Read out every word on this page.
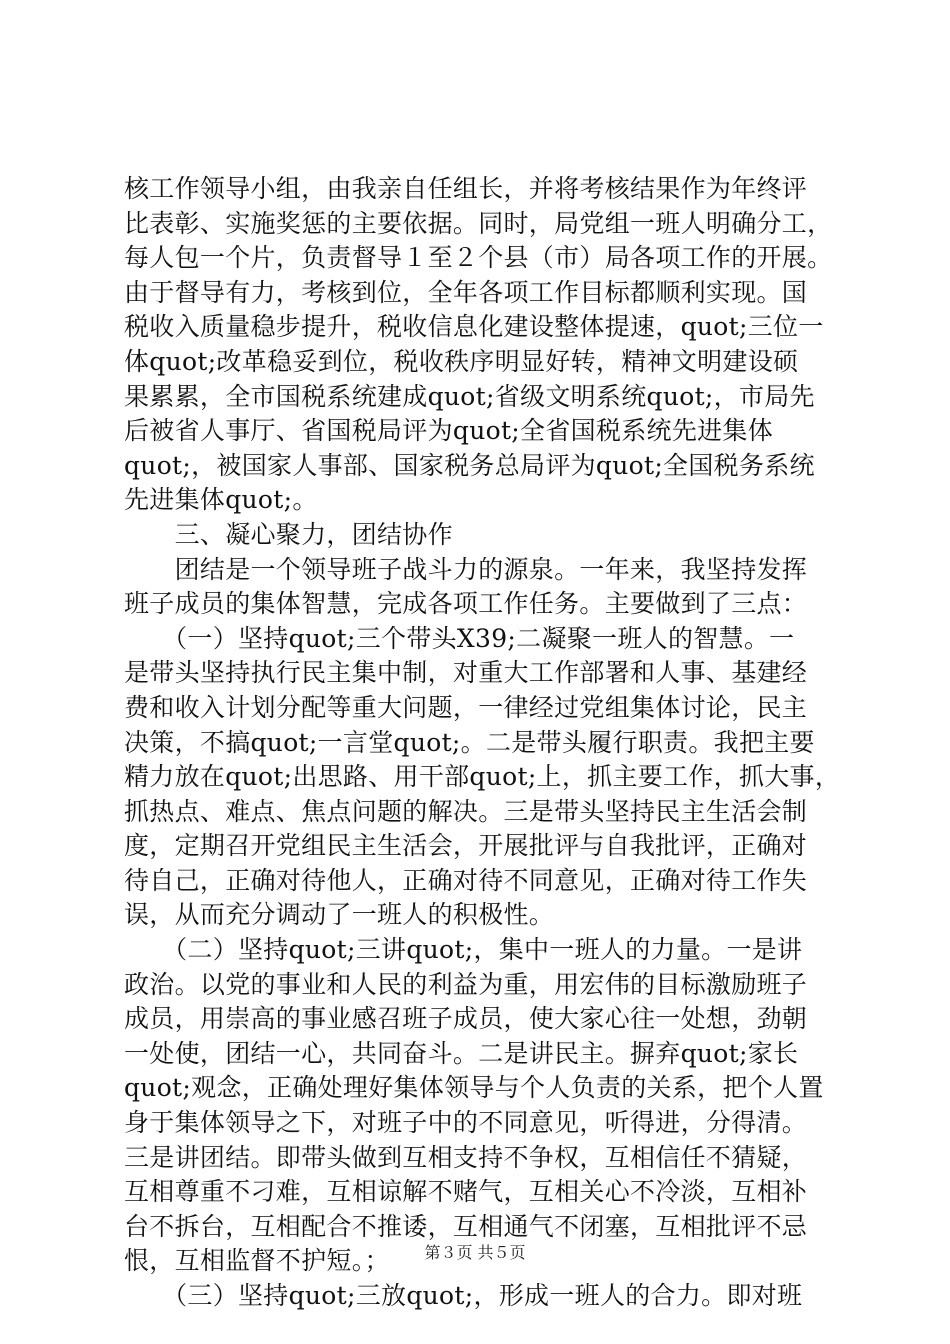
核工作领导小组，由我亲自任组长，并将考核结果作为年终评
比表彰、实施奖惩的主要依据。同时，局党组一班人明确分工，
每人包一个片，负责督导１至２个县（市）局各项工作的开展。
由于督导有力，考核到位，全年各项工作目标都顺利实现。国
税收入质量稳步提升，税收信息化建设整体提速，quot;三位一
体quot;改革稳妥到位，税收秩序明显好转，精神文明建设硕
果累累，全市国税系统建成quot;省级文明系统quot;，市局先
后被省人事厅、省国税局评为quot;全省国税系统先进集体
quot;，被国家人事部、国家税务总局评为quot;全国税务系统
先进集体quot;。
　　三、凝心聚力，团结协作
　　团结是一个领导班子战斗力的源泉。一年来，我坚持发挥
班子成员的集体智慧，完成各项工作任务。主要做到了三点：
　　（一）坚持quot;三个带头X39;二凝聚一班人的智慧。一
是带头坚持执行民主集中制，对重大工作部署和人事、基建经
费和收入计划分配等重大问题，一律经过党组集体讨论，民主
决策，不搞quot;一言堂quot;。二是带头履行职责。我把主要
精力放在quot;出思路、用干部quot;上，抓主要工作，抓大事，
抓热点、难点、焦点问题的解决。三是带头坚持民主生活会制
度，定期召开党组民主生活会，开展批评与自我批评，正确对
待自己，正确对待他人，正确对待不同意见，正确对待工作失
误，从而充分调动了一班人的积极性。
　　（二）坚持quot;三讲quot;，集中一班人的力量。一是讲
政治。以党的事业和人民的利益为重，用宏伟的目标激励班子
成员，用崇高的事业感召班子成员，使大家心往一处想，劲朝
一处使，团结一心，共同奋斗。二是讲民主。摒弃quot;家长
quot;观念，正确处理好集体领导与个人负责的关系，把个人置
身于集体领导之下，对班子中的不同意见，听得进，分得清。
三是讲团结。即带头做到互相支持不争权，互相信任不猜疑，
互相尊重不刁难，互相谅解不赌气，互相关心不冷淡，互相补
台不拆台，互相配合不推诿，互相通气不闭塞，互相批评不忌
恨，互相监督不护短。；
　　（三）坚持quot;三放quot;，形成一班人的合力。即对班
第３页 共５页
